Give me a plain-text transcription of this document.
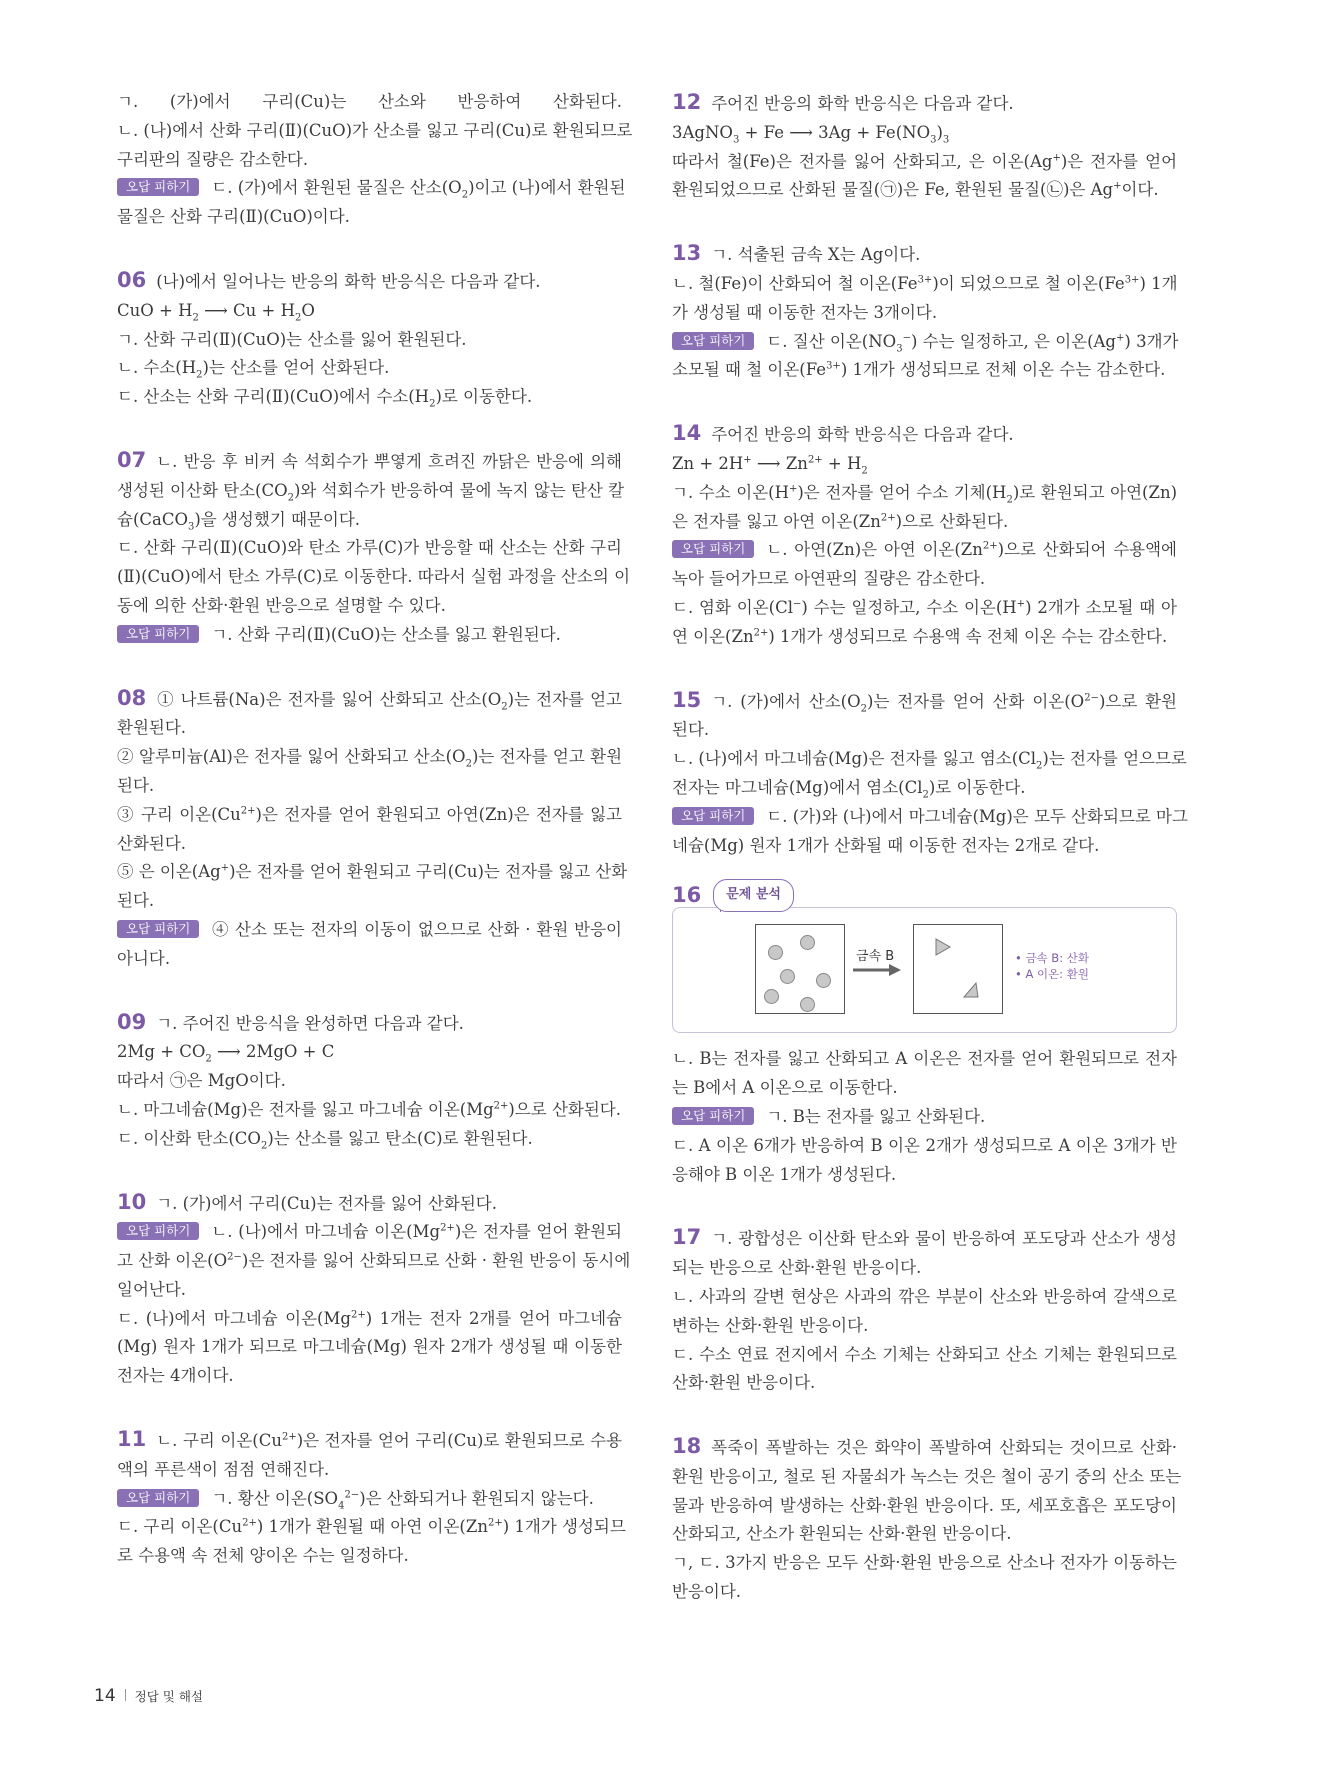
ㄱ. (가)에서 구리(Cu)는 산소와 반응하여 산화된다.
ㄴ. (나)에서 산화 구리(Ⅱ)(CuO)가 산소를 잃고 구리(Cu)로 환원되므로
구리판의 질량은 감소한다.
오답 피하기 ㄷ. (가)에서 환원된 물질은 산소$(O_2)$이고 (나)에서 환원된
물질은 산화 구리(Ⅱ)(CuO)이다.
06 (나)에서 일어나는 반응의 화학 반응식은 다음과 같다.
CuO + $H_2$ ⟶ $Cu + H_2O$
ㄱ. 산화 구리(Ⅱ)(CuO)는 산소를 잃어 환원된다.
ㄴ. 수소$(H_2)$는 산소를 얻어 산화된다.
ㄷ. 산소는 산화 구리(Ⅱ)(CuO)에서 수소$(H_2)$로 이동한다.
07 ㄴ. 반응 후 비커 속 석회수가 뿌옇게 흐려진 까닭은 반응에 의해
생성된 이산화 탄소$(CO_2)$와 석회수가 반응하여 물에 녹지 않는 탄산 칼
슘(CaCO$_3$)을 생성했기 때문이다.
ㄷ. 산화 구리(Ⅱ)(CuO)와 탄소 가루(C)가 반응할 때 산소는 산화 구리
(Ⅱ)(CuO)에서 탄소 가루(C)로 이동한다. 따라서 실험 과정을 산소의 이
동에 의한 산화·환원 반응으로 설명할 수 있다.
오답 피하기 ㄱ. 산화 구리(Ⅱ)(CuO)는 산소를 잃고 환원된다.
08 ① 나트륨(Na)은 전자를 잃어 산화되고 산소$(O_2)$는 전자를 얻고
환원된다.
② 알루미늄(Al)은 전자를 잃어 산화되고 산소$(O_2)$는 전자를 얻고 환원
된다.
③ 구리 이온$(Cu^{2+})$은 전자를 얻어 환원되고 아연(Zn)은 전자를 잃고
산화된다.
⑤ 은 이온(Ag+)은 전자를 얻어 환원되고 구리(Cu)는 전자를 잃고 산화
된다.
오답 피하기 ④ 산소 또는 전자의 이동이 없으므로 산화 · 환원 반응이
아니다.
09 ㄱ. 주어진 반응식을 완성하면 다음과 같다.
$2Mg + CO_2$ ⟶ 2MgO + C
따라서 ㉠은 MgO이다.
ㄴ. 마그네슘(Mg)은 전자를 잃고 마그네슘 이온$(Mg^{2+})$으로 산화된다.
ㄷ. 이산화 탄소$(CO_2)$는 산소를 잃고 탄소(C)로 환원된다.
10 ㄱ. (가)에서 구리(Cu)는 전자를 잃어 산화된다.
오답 피하기 ㄴ. (나)에서 마그네슘 이온$(Mg^{2+})$은 전자를 얻어 환원되
고 산화 이온$(O^{2-})$은 전자를 잃어 산화되므로 산화 · 환원 반응이 동시에
일어난다.
ㄷ. (나)에서 마그네슘 이온$(Mg^{2+})$ 1개는 전자 2개를 얻어 마그네슘
(Mg) 원자 1개가 되므로 마그네슘(Mg) 원자 2개가 생성될 때 이동한
전자는 4개이다.
11 ㄴ. 구리 이온$(Cu^{2+})$은 전자를 얻어 구리(Cu)로 환원되므로 수용
액의 푸른색이 점점 연해진다.
오답 피하기 ㄱ. 황산 이온$(SO_4^{2-})$은 산화되거나 환원되지 않는다.
ㄷ. 구리 이온$(Cu^{2+})$ 1개가 환원될 때 아연 이온$(Zn^{2+})$ 1개가 생성되므
로 수용액 속 전체 양이온 수는 일정하다.
12 주어진 반응의 화학 반응식은 다음과 같다.
3AgNO$_3$ + Fe ⟶ $3Ag + Fe(NO_3)_3$
따라서 철(Fe)은 전자를 잃어 산화되고, 은 이온(Ag+)은 전자를 얻어
환원되었으므로 산화된 물질(㉠)은 Fe, 환원된 물질(㉡)은 Ag+이다.
13 ㄱ. 석출된 금속 X는 Ag이다.
ㄴ. 철(Fe)이 산화되어 철 이온$(Fe^{3+})$이 되었으므로 철 이온$(Fe^{3+})$ 1개
가 생성될 때 이동한 전자는 3개이다.
오답 피하기 ㄷ. 질산 이온$(NO_3^-)$ 수는 일정하고, 은 이온(Ag+) 3개가
소모될 때 철 이온$(Fe^{3+})$ 1개가 생성되므로 전체 이온 수는 감소한다.
14 주어진 반응의 화학 반응식은 다음과 같다.
Zn + 2H+ ⟶ $Zn^{2+} + H_2$
ㄱ. 수소 이온(H+)은 전자를 얻어 수소 기체$(H_2)$로 환원되고 아연(Zn)
은 전자를 잃고 아연 이온$(Zn^{2+})$으로 산화된다.
오답 피하기 ㄴ. 아연(Zn)은 아연 이온$(Zn^{2+})$으로 산화되어 수용액에
녹아 들어가므로 아연판의 질량은 감소한다.
ㄷ. 염화 이온(Cl−) 수는 일정하고, 수소 이온(H+) 2개가 소모될 때 아
연 이온$(Zn^{2+})$ 1개가 생성되므로 수용액 속 전체 이온 수는 감소한다.
15 ㄱ. (가)에서 산소$(O_2)$는 전자를 얻어 산화 이온$(O^{2-})$으로 환원
된다.
ㄴ. (나)에서 마그네슘(Mg)은 전자를 잃고 염소$(Cl_2)$는 전자를 얻으므로
전자는 마그네슘(Mg)에서 염소$(Cl_2)$로 이동한다.
오답 피하기 ㄷ. (가)와 (나)에서 마그네슘(Mg)은 모두 산화되므로 마그
네슘(Mg) 원자 1개가 산화될 때 이동한 전자는 2개로 같다.
16	문제 분석
금속 B	• 금속 B: 산화
• A 이온: 환원
ㄴ. B는 전자를 잃고 산화되고 A 이온은 전자를 얻어 환원되므로 전자
는 B에서 A 이온으로 이동한다.
오답 피하기 ㄱ. B는 전자를 잃고 산화된다.
ㄷ. A 이온 6개가 반응하여 B 이온 2개가 생성되므로 A 이온 3개가 반
응해야 B 이온 1개가 생성된다.
17 ㄱ. 광합성은 이산화 탄소와 물이 반응하여 포도당과 산소가 생성
되는 반응으로 산화·환원 반응이다.
ㄴ. 사과의 갈변 현상은 사과의 깎은 부분이 산소와 반응하여 갈색으로
변하는 산화·환원 반응이다.
ㄷ. 수소 연료 전지에서 수소 기체는 산화되고 산소 기체는 환원되므로
산화·환원 반응이다.
18 폭죽이 폭발하는 것은 화약이 폭발하여 산화되는 것이므로 산화·
환원 반응이고, 철로 된 자물쇠가 녹스는 것은 철이 공기 중의 산소 또는
물과 반응하여 발생하는 산화·환원 반응이다. 또, 세포호흡은 포도당이
산화되고, 산소가 환원되는 산화·환원 반응이다.
ㄱ, ㄷ. 3가지 반응은 모두 산화·환원 반응으로 산소나 전자가 이동하는
반응이다.
14 정답 및 해설
